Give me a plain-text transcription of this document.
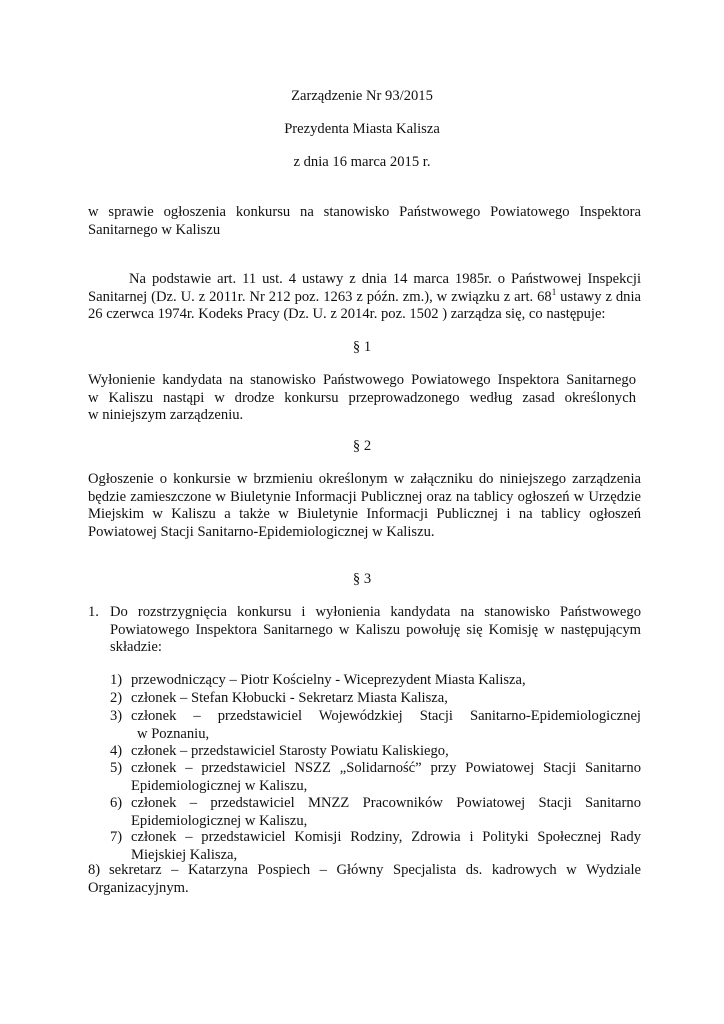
Zarządzenie Nr 93/2015
Prezydenta Miasta Kalisza
z dnia 16 marca 2015 r.
w sprawie ogłoszenia konkursu na stanowisko Państwowego Powiatowego Inspektora
Sanitarnego w Kaliszu
Na podstawie art. 11 ust. 4 ustawy z dnia 14 marca 1985r. o Państwowej Inspekcji
Sanitarnej (Dz. U. z 2011r. Nr 212 poz. 1263 z późn. zm.), w związku z art. $68^1$ ustawy z dnia
26 czerwca 1974r. Kodeks Pracy (Dz. U. z 2014r. poz. 1502 ) zarządza się, co następuje:
§ 1
Wyłonienie kandydata na stanowisko Państwowego Powiatowego Inspektora Sanitarnego
w Kaliszu nastąpi w drodze konkursu przeprowadzonego według zasad określonych
w niniejszym zarządzeniu.
§ 2
Ogłoszenie o konkursie w brzmieniu określonym w załączniku do niniejszego zarządzenia
będzie zamieszczone w Biuletynie Informacji Publicznej oraz na tablicy ogłoszeń w Urzędzie
Miejskim w Kaliszu a także w Biuletynie Informacji Publicznej i na tablicy ogłoszeń
Powiatowej Stacji Sanitarno-Epidemiologicznej w Kaliszu.
§ 3
1. Do rozstrzygnięcia konkursu i wyłonienia kandydata na stanowisko Państwowego
Powiatowego Inspektora Sanitarnego w Kaliszu powołuję się Komisję w następującym
składzie:
1) przewodniczący – Piotr Kościelny - Wiceprezydent Miasta Kalisza,
2) członek – Stefan Kłobucki - Sekretarz Miasta Kalisza,
3) członek – przedstawiciel Wojewódzkiej Stacji Sanitarno-Epidemiologicznej
w Poznaniu,
4) członek – przedstawiciel Starosty Powiatu Kaliskiego,
5) członek – przedstawiciel NSZZ „Solidarność” przy Powiatowej Stacji Sanitarno
Epidemiologicznej w Kaliszu,
6) członek – przedstawiciel MNZZ Pracowników Powiatowej Stacji Sanitarno
Epidemiologicznej w Kaliszu,
7) członek – przedstawiciel Komisji Rodziny, Zdrowia i Polityki Społecznej Rady
Miejskiej Kalisza,
8) sekretarz – Katarzyna Pospiech – Główny Specjalista ds. kadrowych w Wydziale
Organizacyjnym.
